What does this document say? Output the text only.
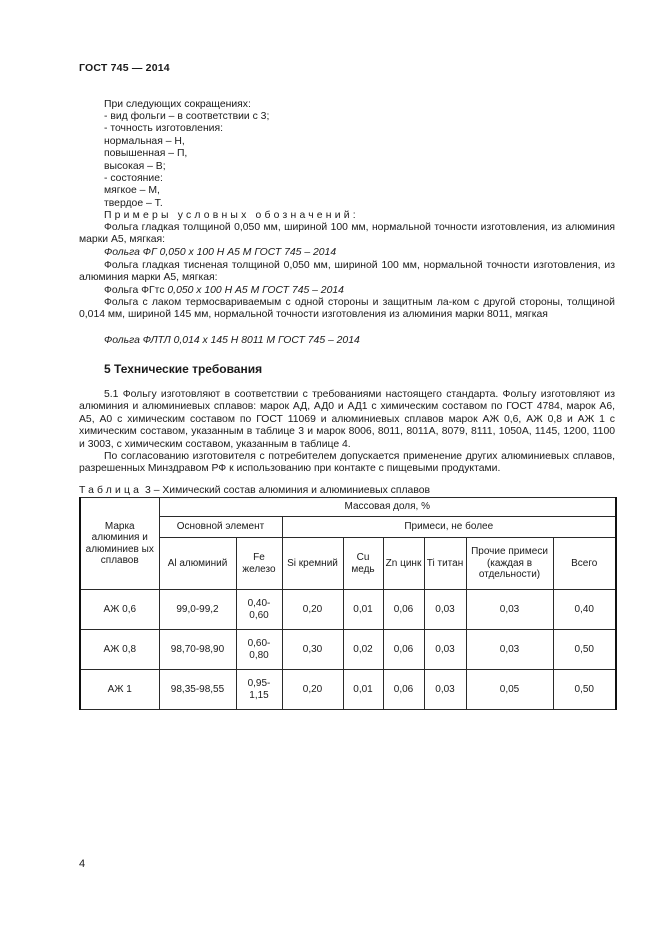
ГОСТ 745 — 2014
При следующих сокращениях:
- вид фольги – в соответствии с 3;
- точность изготовления:
нормальная – Н,
повышенная – П,
высокая – В;
- состояние:
мягкое – М,
твердое – Т.
Примеры условных обозначений:
Фольга гладкая толщиной 0,050 мм, шириной 100 мм, нормальной точности изготовления, из алюминия марки А5, мягкая:
Фольга ФГ 0,050 х 100 Н А5 М ГОСТ 745 – 2014
Фольга гладкая тисненая толщиной 0,050 мм, шириной 100 мм, нормальной точности изготовления, из алюминия марки А5, мягкая:
Фольга ФГтс 0,050 х 100 Н А5 М ГОСТ 745 – 2014
Фольга с лаком термосвариваемым с одной стороны и защитным ла-ком с другой стороны, толщиной 0,014 мм, шириной 145 мм, нормальной точности изготовления из алюминия марки 8011, мягкая
Фольга ФЛТЛ 0,014 х 145 Н 8011 М ГОСТ 745 – 2014
5 Технические требования
5.1 Фольгу изготовляют в соответствии с требованиями настоящего стандарта. Фольгу изготовляют из алюминия и алюминиевых сплавов: марок АД, АД0 и АД1 с химическим составом по ГОСТ 4784, марок А6, А5, А0 с химическим составом по ГОСТ 11069 и алюминиевых сплавов марок АЖ 0,6, АЖ 0,8 и АЖ 1 с химическим составом, указанным в таблице 3 и марок 8006, 8011, 8011А, 8079, 8111, 1050А, 1145, 1200, 1100 и 3003, с химическим составом, указанным в таблице 4.
По согласованию изготовителя с потребителем допускается применение других алюминиевых сплавов, разрешенных Минздравом РФ к использованию при контакте с пищевыми продуктами.
Таблица 3 – Химический состав алюминия и алюминиевых сплавов
Марка алюминия и алюминиев ых сплавов	Массовая доля, %							
	Основной элемент		Примеси, не более					
	Al алюминий	Fe железо	Si кремний	Cu медь	Zn цинк	Ti титан	Прочие примеси (каждая в отдельности)	Всего
АЖ 0,6	99,0-99,2	0,40-0,60	0,20	0,01	0,06	0,03	0,03	0,40
АЖ 0,8	98,70-98,90	0,60-0,80	0,30	0,02	0,06	0,03	0,03	0,50
АЖ 1	98,35-98,55	0,95-1,15	0,20	0,01	0,06	0,03	0,05	0,50
4
